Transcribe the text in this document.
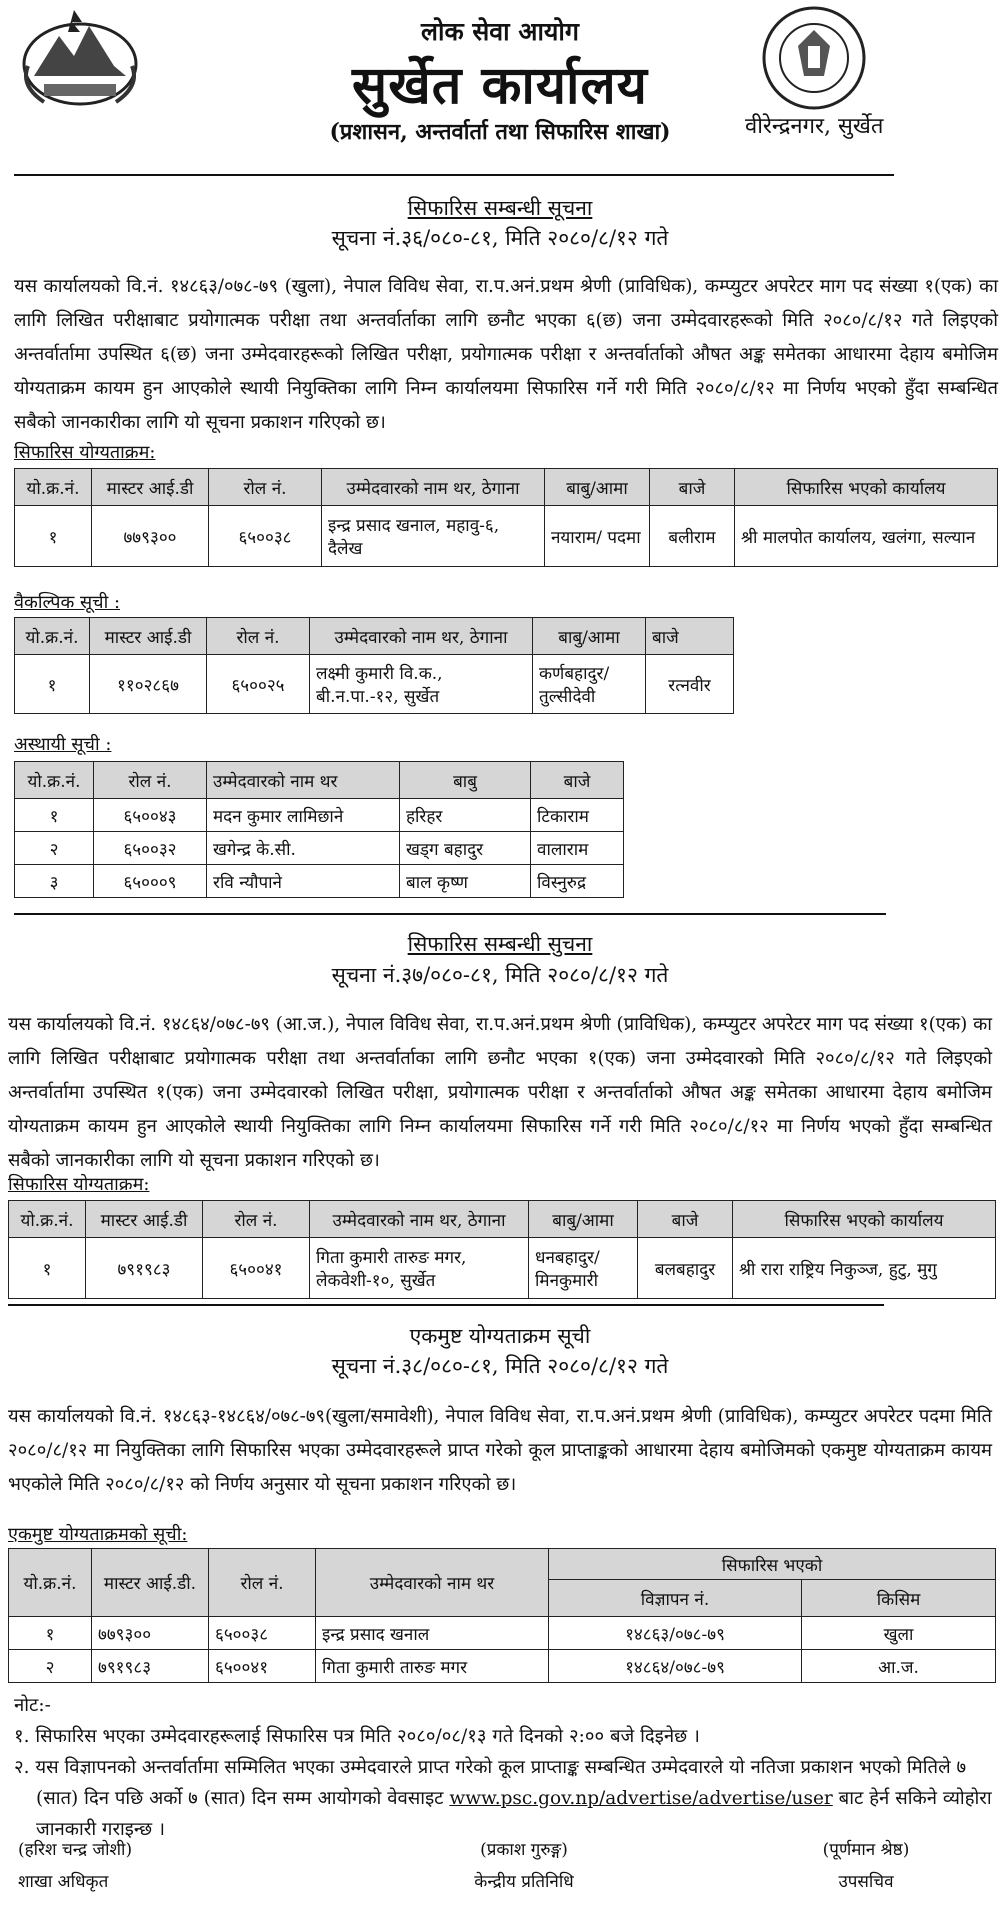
लोक सेवा आयोग
सुर्खेत कार्यालय
(प्रशासन, अन्तर्वार्ता तथा सिफारिस शाखा)	वीरेन्द्रनगर, सुर्खेत
सिफारिस सम्बन्धी सूचना
सूचना नं.३६/०८०-८१, मिति २०८०/८/१२ गते
यस कार्यालयको वि.नं. १४८६३/०७८-७९ (खुला), नेपाल विविध सेवा, रा.प.अनं.प्रथम श्रेणी (प्राविधिक), कम्प्युटर अपरेटर माग पद संख्या १(एक) का लागि लिखित परीक्षाबाट प्रयोगात्मक परीक्षा तथा अन्तर्वार्ताका लागि छनौट भएका ६(छ) जना उम्मेदवारहरूको मिति २०८०/८/१२ गते लिइएको अन्तर्वार्तामा उपस्थित ६(छ) जना उम्मेदवारहरूको लिखित परीक्षा, प्रयोगात्मक परीक्षा र अन्तर्वार्ताको औषत अङ्क समेतका आधारमा देहाय बमोजिम योग्यताक्रम कायम हुन आएकोले स्थायी नियुक्तिका लागि निम्न कार्यालयमा सिफारिस गर्ने गरी मिति २०८०/८/१२ मा निर्णय भएको हुँदा सम्बन्धित सबैको जानकारीका लागि यो सूचना प्रकाशन गरिएको छ।
सिफारिस योग्यताक्रम:
यो.क्र.नं.	मास्टर आई.डी	रोल नं.	उम्मेदवारको नाम थर, ठेगाना	बाबु/आमा	बाजे	सिफारिस भएको कार्यालय
१	७७९३००	६५००३८	इन्द्र प्रसाद खनाल, महावु-६, दैलेख	नयाराम/ पदमा	बलीराम	श्री मालपोत कार्यालय, खलंगा, सल्यान
वैकल्पिक सूची :
यो.क्र.नं.	मास्टर आई.डी	रोल नं.	उम्मेदवारको नाम थर, ठेगाना	बाबु/आमा	बाजे
१	११०२८६७	६५००२५	लक्ष्मी कुमारी वि.क., बी.न.पा.-१२, सुर्खेत	कर्णबहादुर/ तुल्सीदेवी	रत्नवीर
अस्थायी सूची :
यो.क्र.नं.	रोल नं.	उम्मेदवारको नाम थर	बाबु	बाजे
१	६५००४३	मदन कुमार लामिछाने	हरिहर	टिकाराम
२	६५००३२	खगेन्द्र के.सी.	खड्ग बहादुर	वालाराम
३	६५०००९	रवि न्यौपाने	बाल कृष्ण	विस्नुरुद्र
सिफारिस सम्बन्धी सुचना
सूचना नं.३७/०८०-८१, मिति २०८०/८/१२ गते
यस कार्यालयको वि.नं. १४८६४/०७८-७९ (आ.ज.), नेपाल विविध सेवा, रा.प.अनं.प्रथम श्रेणी (प्राविधिक), कम्प्युटर अपरेटर माग पद संख्या १(एक) का लागि लिखित परीक्षाबाट प्रयोगात्मक परीक्षा तथा अन्तर्वार्ताका लागि छनौट भएका १(एक) जना उम्मेदवारको मिति २०८०/८/१२ गते लिइएको अन्तर्वार्तामा उपस्थित १(एक) जना उम्मेदवारको लिखित परीक्षा, प्रयोगात्मक परीक्षा र अन्तर्वार्ताको औषत अङ्क समेतका आधारमा देहाय बमोजिम योग्यताक्रम कायम हुन आएकोले स्थायी नियुक्तिका लागि निम्न कार्यालयमा सिफारिस गर्ने गरी मिति २०८०/८/१२ मा निर्णय भएको हुँदा सम्बन्धित सबैको जानकारीका लागि यो सूचना प्रकाशन गरिएको छ।
सिफारिस योग्यताक्रम:
यो.क्र.नं.	मास्टर आई.डी	रोल नं.	उम्मेदवारको नाम थर, ठेगाना	बाबु/आमा	बाजे	सिफारिस भएको कार्यालय
१	७९१९८३	६५००४१	गिता कुमारी तारुङ मगर, लेकवेशी-१०, सुर्खेत	धनबहादुर/ मिनकुमारी	बलबहादुर	श्री रारा राष्ट्रिय निकुञ्ज, हुटु, मुगु
एकमुष्ट योग्यताक्रम सूची
सूचना नं.३८/०८०-८१, मिति २०८०/८/१२ गते
यस कार्यालयको वि.नं. १४८६३-१४८६४/०७८-७९(खुला/समावेशी), नेपाल विविध सेवा, रा.प.अनं.प्रथम श्रेणी (प्राविधिक), कम्प्युटर अपरेटर पदमा मिति २०८०/८/१२ मा नियुक्तिका लागि सिफारिस भएका उम्मेदवारहरूले प्राप्त गरेको कूल प्राप्ताङ्कको आधारमा देहाय बमोजिमको एकमुष्ट योग्यताक्रम कायम भएकोले मिति २०८०/८/१२ को निर्णय अनुसार यो सूचना प्रकाशन गरिएको छ।
एकमुष्ट योग्यताक्रमको सूची:
यो.क्र.नं.	मास्टर आई.डी.	रोल नं.	उम्मेदवारको नाम थर	सिफारिस भएको	
				विज्ञापन नं.	किसिम
१	७७९३००	६५००३८	इन्द्र प्रसाद खनाल	१४८६३/०७८-७९	खुला
२	७९१९८३	६५००४१	गिता कुमारी तारुङ मगर	१४८६४/०७८-७९	आ.ज.
नोट:-
१. सिफारिस भएका उम्मेदवारहरूलाई सिफारिस पत्र मिति २०८०/०८/१३ गते दिनको २:०० बजे दिइनेछ ।
२. यस विज्ञापनको अन्तर्वार्तामा सम्मिलित भएका उम्मेदवारले प्राप्त गरेको कूल प्राप्ताङ्क सम्बन्धित उम्मेदवारले यो नतिजा प्रकाशन भएको मितिले ७ (सात) दिन पछि अर्को ७ (सात) दिन सम्म आयोगको वेवसाइट www.psc.gov.np/advertise/advertise/user बाट हेर्न सकिने व्योहोरा जानकारी गराइन्छ ।
(हरिश चन्द्र जोशी)
शाखा अधिकृत
(प्रकाश गुरुङ्ग)
केन्द्रीय प्रतिनिधि
(पूर्णमान श्रेष्ठ)
उपसचिव
